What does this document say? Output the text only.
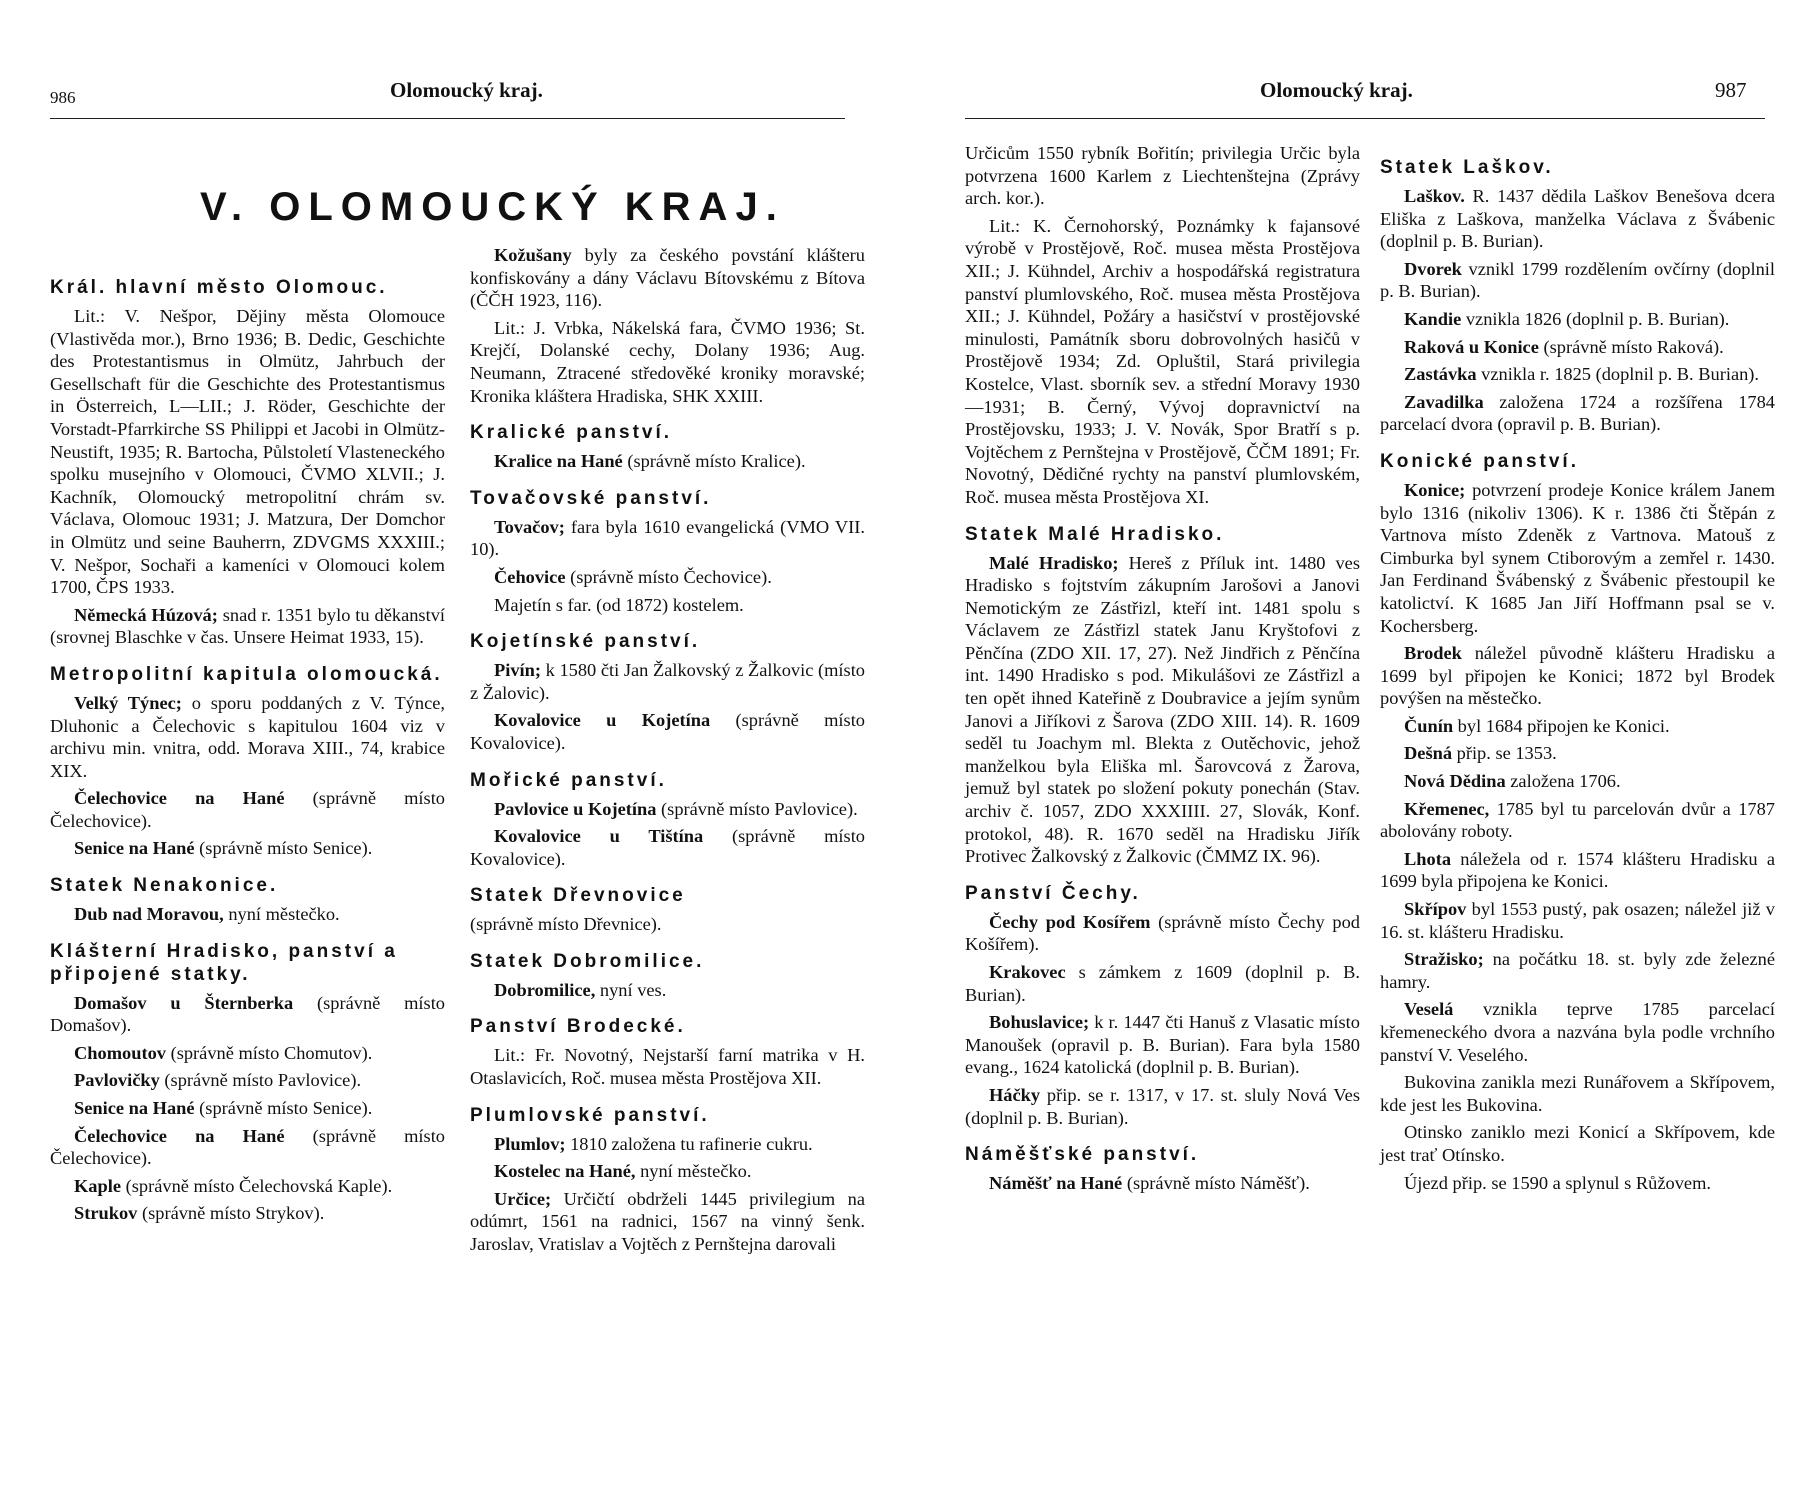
986	Olomoucký kraj.
V. OLOMOUCKÝ KRAJ.
Král. hlavní město Olomouc.

Lit.: V. Nešpor, Dějiny města Olomouce (Vlastivěda mor.), Brno 1936; B. Dedic, Geschichte des Protestantismus in Olmütz, Jahrbuch der Gesellschaft für die Geschichte des Protestantismus in Österreich, L—LII.; J. Röder, Geschichte der Vorstadt-Pfarrkirche SS Philippi et Jacobi in Olmütz-Neustift, 1935; R. Bartocha, Půlstoletí Vlasteneckého spolku musejního v Olomouci, ČVMO XLVII.; J. Kachník, Olomoucký metropolitní chrám sv. Václava, Olomouc 1931; J. Matzura, Der Domchor in Olmütz und seine Bauherrn, ZDVGMS XXXIII.; V. Nešpor, Sochaři a kameníci v Olomouci kolem 1700, ČPS 1933.

Německá Húzová; snad r. 1351 bylo tu děkanství (srovnej Blaschke v čas. Unsere Heimat 1933, 15).

Metropolitní kapitula olomoucká.

Velký Týnec; o sporu poddaných z V. Týnce, Dluhonic a Čelechovic s kapitulou 1604 viz v archivu min. vnitra, odd. Morava XIII., 74, krabice XIX.

Čelechovice na Hané (správně místo Čelechovice).

Senice na Hané (správně místo Senice).

Statek Nenakonice.

Dub nad Moravou, nyní městečko.

Klášterní Hradisko, panství a připojené statky.

Domašov u Šternberka (správně místo Domašov).

Chomoutov (správně místo Chomutov).

Pavlovičky (správně místo Pavlovice).

Senice na Hané (správně místo Senice).

Čelechovice na Hané (správně místo Čelechovice).

Kaple (správně místo Čelechovská Kaple).

Strukov (správně místo Strykov).

Kožušany byly za českého povstání klášteru konfiskovány a dány Václavu Bítovskému z Bítova (ČČH 1923, 116).

Lit.: J. Vrbka, Nákelská fara, ČVMO 1936; St. Krejčí, Dolanské cechy, Dolany 1936; Aug. Neumann, Ztracené středověké kroniky moravské; Kronika kláštera Hradiska, SHK XXIII.

Kralické panství.

Kralice na Hané (správně místo Kralice).

Tovačovské panství.

Tovačov; fara byla 1610 evangelická (VMO VII. 10).

Čehovice (správně místo Čechovice).

Majetín s far. (od 1872) kostelem.

Kojetínské panství.

Pivín; k 1580 čti Jan Žalkovský z Žalkovic (místo z Žalovic).

Kovalovice u Kojetína (správně místo Kovalovice).

Mořické panství.

Pavlovice u Kojetína (správně místo Pavlovice).

Kovalovice u Tištína (správně místo Kovalovice).

Statek Dřevnovice

(správně místo Dřevnice).

Statek Dobromilice.

Dobromilice, nyní ves.

Panství Brodecké.

Lit.: Fr. Novotný, Nejstarší farní matrika v H. Otaslavicích, Roč. musea města Prostějova XII.

Plumlovské panství.

Plumlov; 1810 založena tu rafinerie cukru.

Kostelec na Hané, nyní městečko.

Určice; Určičtí obdrželi 1445 privilegium na odúmrt, 1561 na radnici, 1567 na vinný šenk. Jaroslav, Vratislav a Vojtěch z Pernštejna darovali

Olomoucký kraj.	987

Určicům 1550 rybník Bořitín; privilegia Určic byla potvrzena 1600 Karlem z Liechtenštejna (Zprávy arch. kor.).

Lit.: K. Černohorský, Poznámky k fajansové výrobě v Prostějově, Roč. musea města Prostějova XII.; J. Kühndel, Archiv a hospodářská registratura panství plumlovského, Roč. musea města Prostějova XII.; J. Kühndel, Požáry a hasičství v prostějovské minulosti, Památník sboru dobrovolných hasičů v Prostějově 1934; Zd. Opluštil, Stará privilegia Kostelce, Vlast. sborník sev. a střední Moravy 1930—1931; B. Černý, Vývoj dopravnictví na Prostějovsku, 1933; J. V. Novák, Spor Bratří s p. Vojtěchem z Pernštejna v Prostějově, ČČM 1891; Fr. Novotný, Dědičné rychty na panství plumlovském, Roč. musea města Prostějova XI.

Statek Malé Hradisko.

Malé Hradisko; Hereš z Příluk int. 1480 ves Hradisko s fojtstvím zákupním Jarošovi a Janovi Nemotickým ze Zástřizl, kteří int. 1481 spolu s Václavem ze Zástřizl statek Janu Kryštofovi z Pěnčína (ZDO XII. 17, 27). Než Jindřich z Pěnčína int. 1490 Hradisko s pod. Mikulášovi ze Zástřizl a ten opět ihned Kateřině z Doubravice a jejím synům Janovi a Jiříkovi z Šarova (ZDO XIII. 14). R. 1609 seděl tu Joachym ml. Blekta z Outěchovic, jehož manželkou byla Eliška ml. Šarovcová z Žarova, jemuž byl statek po složení pokuty ponechán (Stav. archiv č. 1057, ZDO XXXIIII. 27, Slovák, Konf. protokol, 48). R. 1670 seděl na Hradisku Jiřík Protivec Žalkovský z Žalkovic (ČMMZ IX. 96).

Panství Čechy.

Čechy pod Kosířem (správně místo Čechy pod Košířem).

Krakovec s zámkem z 1609 (doplnil p. B. Burian).

Bohuslavice; k r. 1447 čti Hanuš z Vlasatic místo Manoušek (opravil p. B. Burian). Fara byla 1580 evang., 1624 katolická (doplnil p. B. Burian).

Háčky přip. se r. 1317, v 17. st. sluly Nová Ves (doplnil p. B. Burian).

Náměšťské panství.

Náměšť na Hané (správně místo Náměšť).

Statek Laškov.

Laškov. R. 1437 dědila Laškov Benešova dcera Eliška z Laškova, manželka Václava z Švábenic (doplnil p. B. Burian).

Dvorek vznikl 1799 rozdělením ovčírny (doplnil p. B. Burian).

Kandie vznikla 1826 (doplnil p. B. Burian).

Raková u Konice (správně místo Raková).

Zastávka vznikla r. 1825 (doplnil p. B. Burian).

Zavadilka založena 1724 a rozšířena 1784 parcelací dvora (opravil p. B. Burian).

Konické panství.

Konice; potvrzení prodeje Konice králem Janem bylo 1316 (nikoliv 1306). K r. 1386 čti Štěpán z Vartnova místo Zdeněk z Vartnova. Matouš z Cimburka byl synem Ctiborovým a zemřel r. 1430. Jan Ferdinand Švábenský z Švábenic přestoupil ke katolictví. K 1685 Jan Jiří Hoffmann psal se v. Kochersberg.

Brodek náležel původně klášteru Hradisku a 1699 byl připojen ke Konici; 1872 byl Brodek povýšen na městečko.

Čunín byl 1684 připojen ke Konici.

Dešná přip. se 1353.

Nová Dědina založena 1706.

Křemenec, 1785 byl tu parcelován dvůr a 1787 abolovány roboty.

Lhota náležela od r. 1574 klášteru Hradisku a 1699 byla připojena ke Konici.

Skřípov byl 1553 pustý, pak osazen; náležel již v 16. st. klášteru Hradisku.

Stražisko; na počátku 18. st. byly zde železné hamry.

Veselá vznikla teprve 1785 parcelací křemeneckého dvora a nazvána byla podle vrchního panství V. Veselého.

Bukovina zanikla mezi Runářovem a Skřípovem, kde jest les Bukovina.

Otinsko zaniklo mezi Konicí a Skřípovem, kde jest trať Otínsko.

Újezd přip. se 1590 a splynul s Růžovem.
